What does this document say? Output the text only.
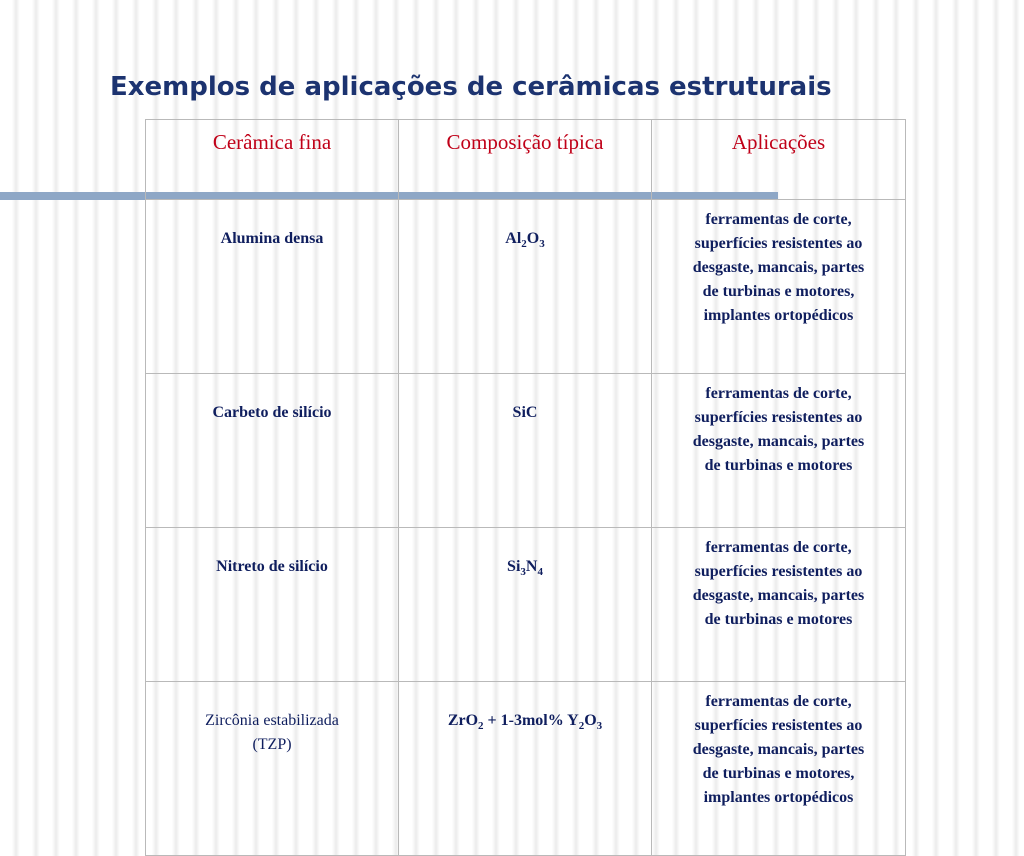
Exemplos de aplicações de cerâmicas estruturais
Cerâmica fina	Composição típica	Aplicações
Alumina densa	$Al_2O_3$	ferramentas de corte,
superfícies resistentes ao
desgaste, mancais, partes
de turbinas e motores,
implantes ortopédicos
Carbeto de silício	SiC	ferramentas de corte,
superfícies resistentes ao
desgaste, mancais, partes
de turbinas e motores
Nitreto de silício	$Si_3N_4$	ferramentas de corte,
superfícies resistentes ao
desgaste, mancais, partes
de turbinas e motores
Zircônia estabilizada
(TZP)	ZrO$_2$ + 1-3mol% $Y_2O_3$	ferramentas de corte,
superfícies resistentes ao
desgaste, mancais, partes
de turbinas e motores,
implantes ortopédicos
